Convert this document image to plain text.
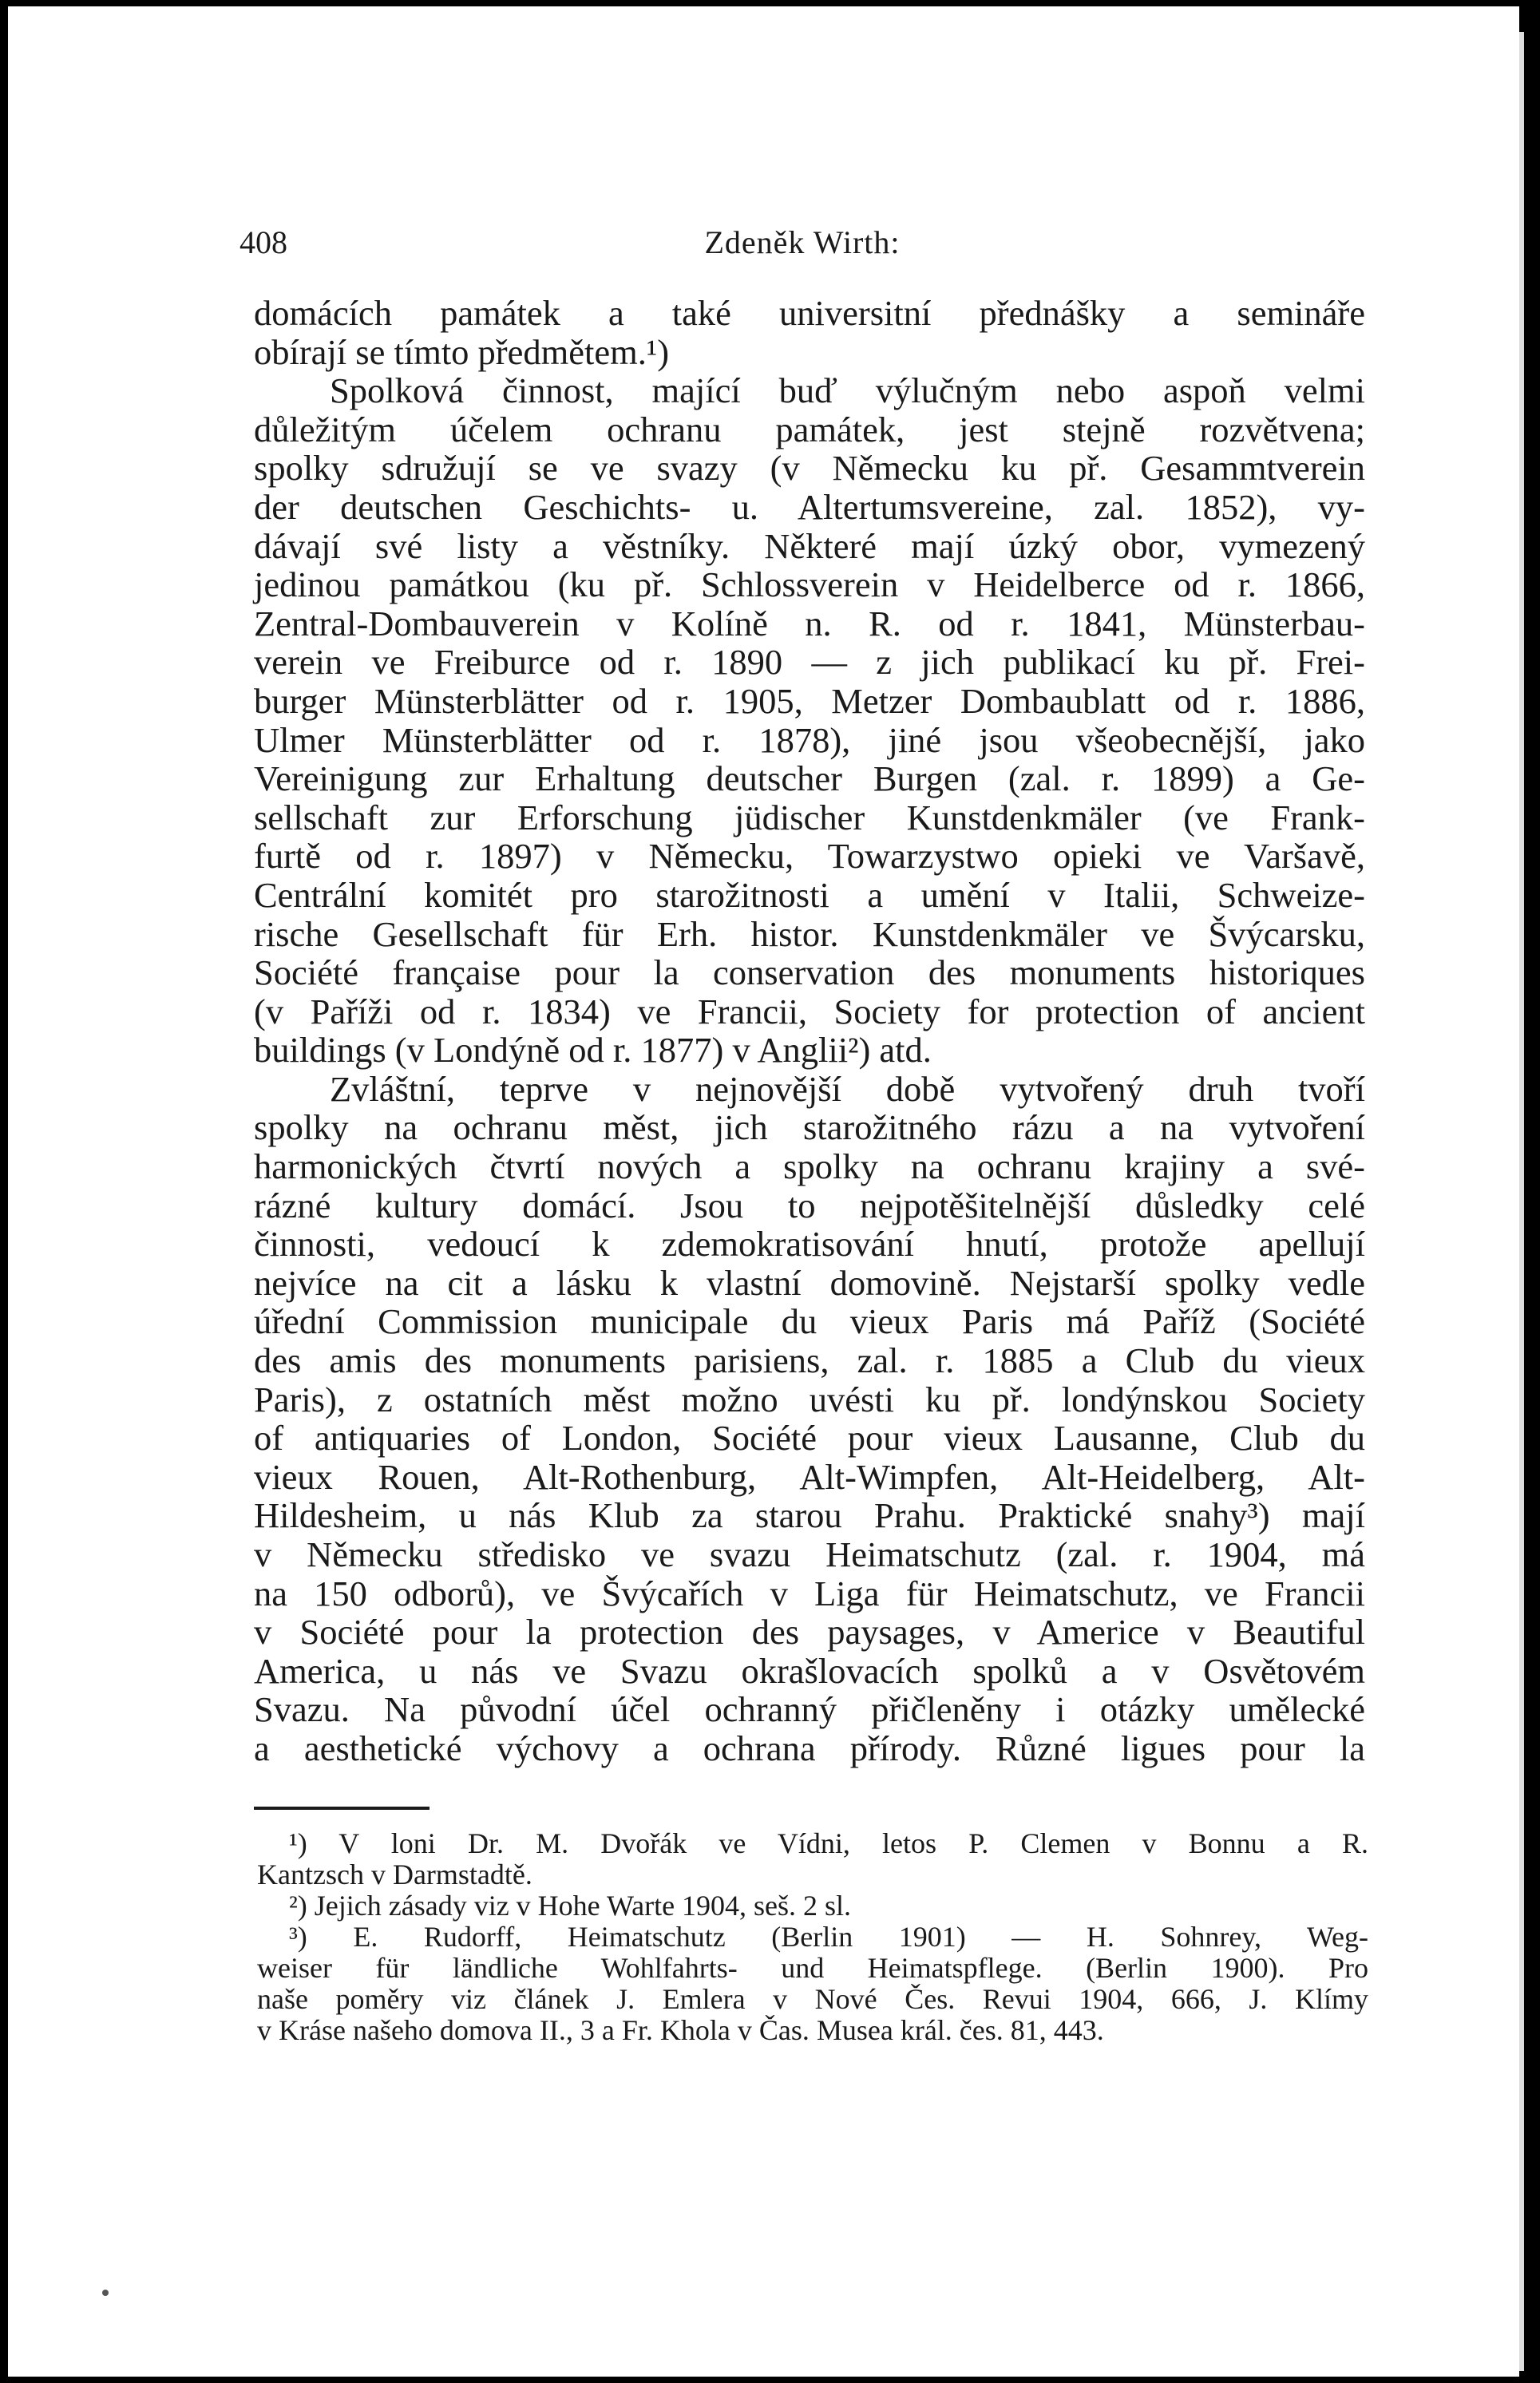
408	Zdeněk Wirth:
domácích památek a také universitní přednášky a semináře
obírají se tímto předmětem.¹)
Spolková činnost, mající buď výlučným nebo aspoň velmi
důležitým účelem ochranu památek, jest stejně rozvětvena;
spolky sdružují se ve svazy (v Německu ku př. Gesammtverein
der deutschen Geschichts- u. Altertumsvereine, zal. 1852), vy-
dávají své listy a věstníky. Některé mají úzký obor, vymezený
jedinou památkou (ku př. Schlossverein v Heidelberce od r. 1866,
Zentral-Dombauverein v Kolíně n. R. od r. 1841, Münsterbau-
verein ve Freiburce od r. 1890 — z jich publikací ku př. Frei-
burger Münsterblätter od r. 1905, Metzer Dombaublatt od r. 1886,
Ulmer Münsterblätter od r. 1878), jiné jsou všeobecnější, jako
Vereinigung zur Erhaltung deutscher Burgen (zal. r. 1899) a Ge-
sellschaft zur Erforschung jüdischer Kunstdenkmäler (ve Frank-
furtě od r. 1897) v Německu, Towarzystwo opieki ve Varšavě,
Centrální komitét pro starožitnosti a umění v Italii, Schweize-
rische Gesellschaft für Erh. histor. Kunstdenkmäler ve Švýcarsku,
Société française pour la conservation des monuments historiques
(v Paříži od r. 1834) ve Francii, Society for protection of ancient
buildings (v Londýně od r. 1877) v Anglii²) atd.
Zvláštní, teprve v nejnovější době vytvořený druh tvoří
spolky na ochranu měst, jich starožitného rázu a na vytvoření
harmonických čtvrtí nových a spolky na ochranu krajiny a své-
rázné kultury domácí. Jsou to nejpotěšitelnější důsledky celé
činnosti, vedoucí k zdemokratisování hnutí, protože apellují
nejvíce na cit a lásku k vlastní domovině. Nejstarší spolky vedle
úřední Commission municipale du vieux Paris má Paříž (Société
des amis des monuments parisiens, zal. r. 1885 a Club du vieux
Paris), z ostatních měst možno uvésti ku př. londýnskou Society
of antiquaries of London, Société pour vieux Lausanne, Club du
vieux Rouen, Alt-Rothenburg, Alt-Wimpfen, Alt-Heidelberg, Alt-
Hildesheim, u nás Klub za starou Prahu. Praktické snahy³) mají
v Německu středisko ve svazu Heimatschutz (zal. r. 1904, má
na 150 odborů), ve Švýcařích v Liga für Heimatschutz, ve Francii
v Société pour la protection des paysages, v Americe v Beautiful
America, u nás ve Svazu okrašlovacích spolků a v Osvětovém
Svazu. Na původní účel ochranný přičleněny i otázky umělecké
a aesthetické výchovy a ochrana přírody. Různé ligues pour la
¹) V loni Dr. M. Dvořák ve Vídni, letos P. Clemen v Bonnu a R.
Kantzsch v Darmstadtě.
²) Jejich zásady viz v Hohe Warte 1904, seš. 2 sl.
³) E. Rudorff, Heimatschutz (Berlin 1901) — H. Sohnrey, Weg-
weiser für ländliche Wohlfahrts- und Heimatspflege. (Berlin 1900). Pro
naše poměry viz článek J. Emlera v Nové Čes. Revui 1904, 666, J. Klímy
v Kráse našeho domova II., 3 a Fr. Khola v Čas. Musea král. čes. 81, 443.
